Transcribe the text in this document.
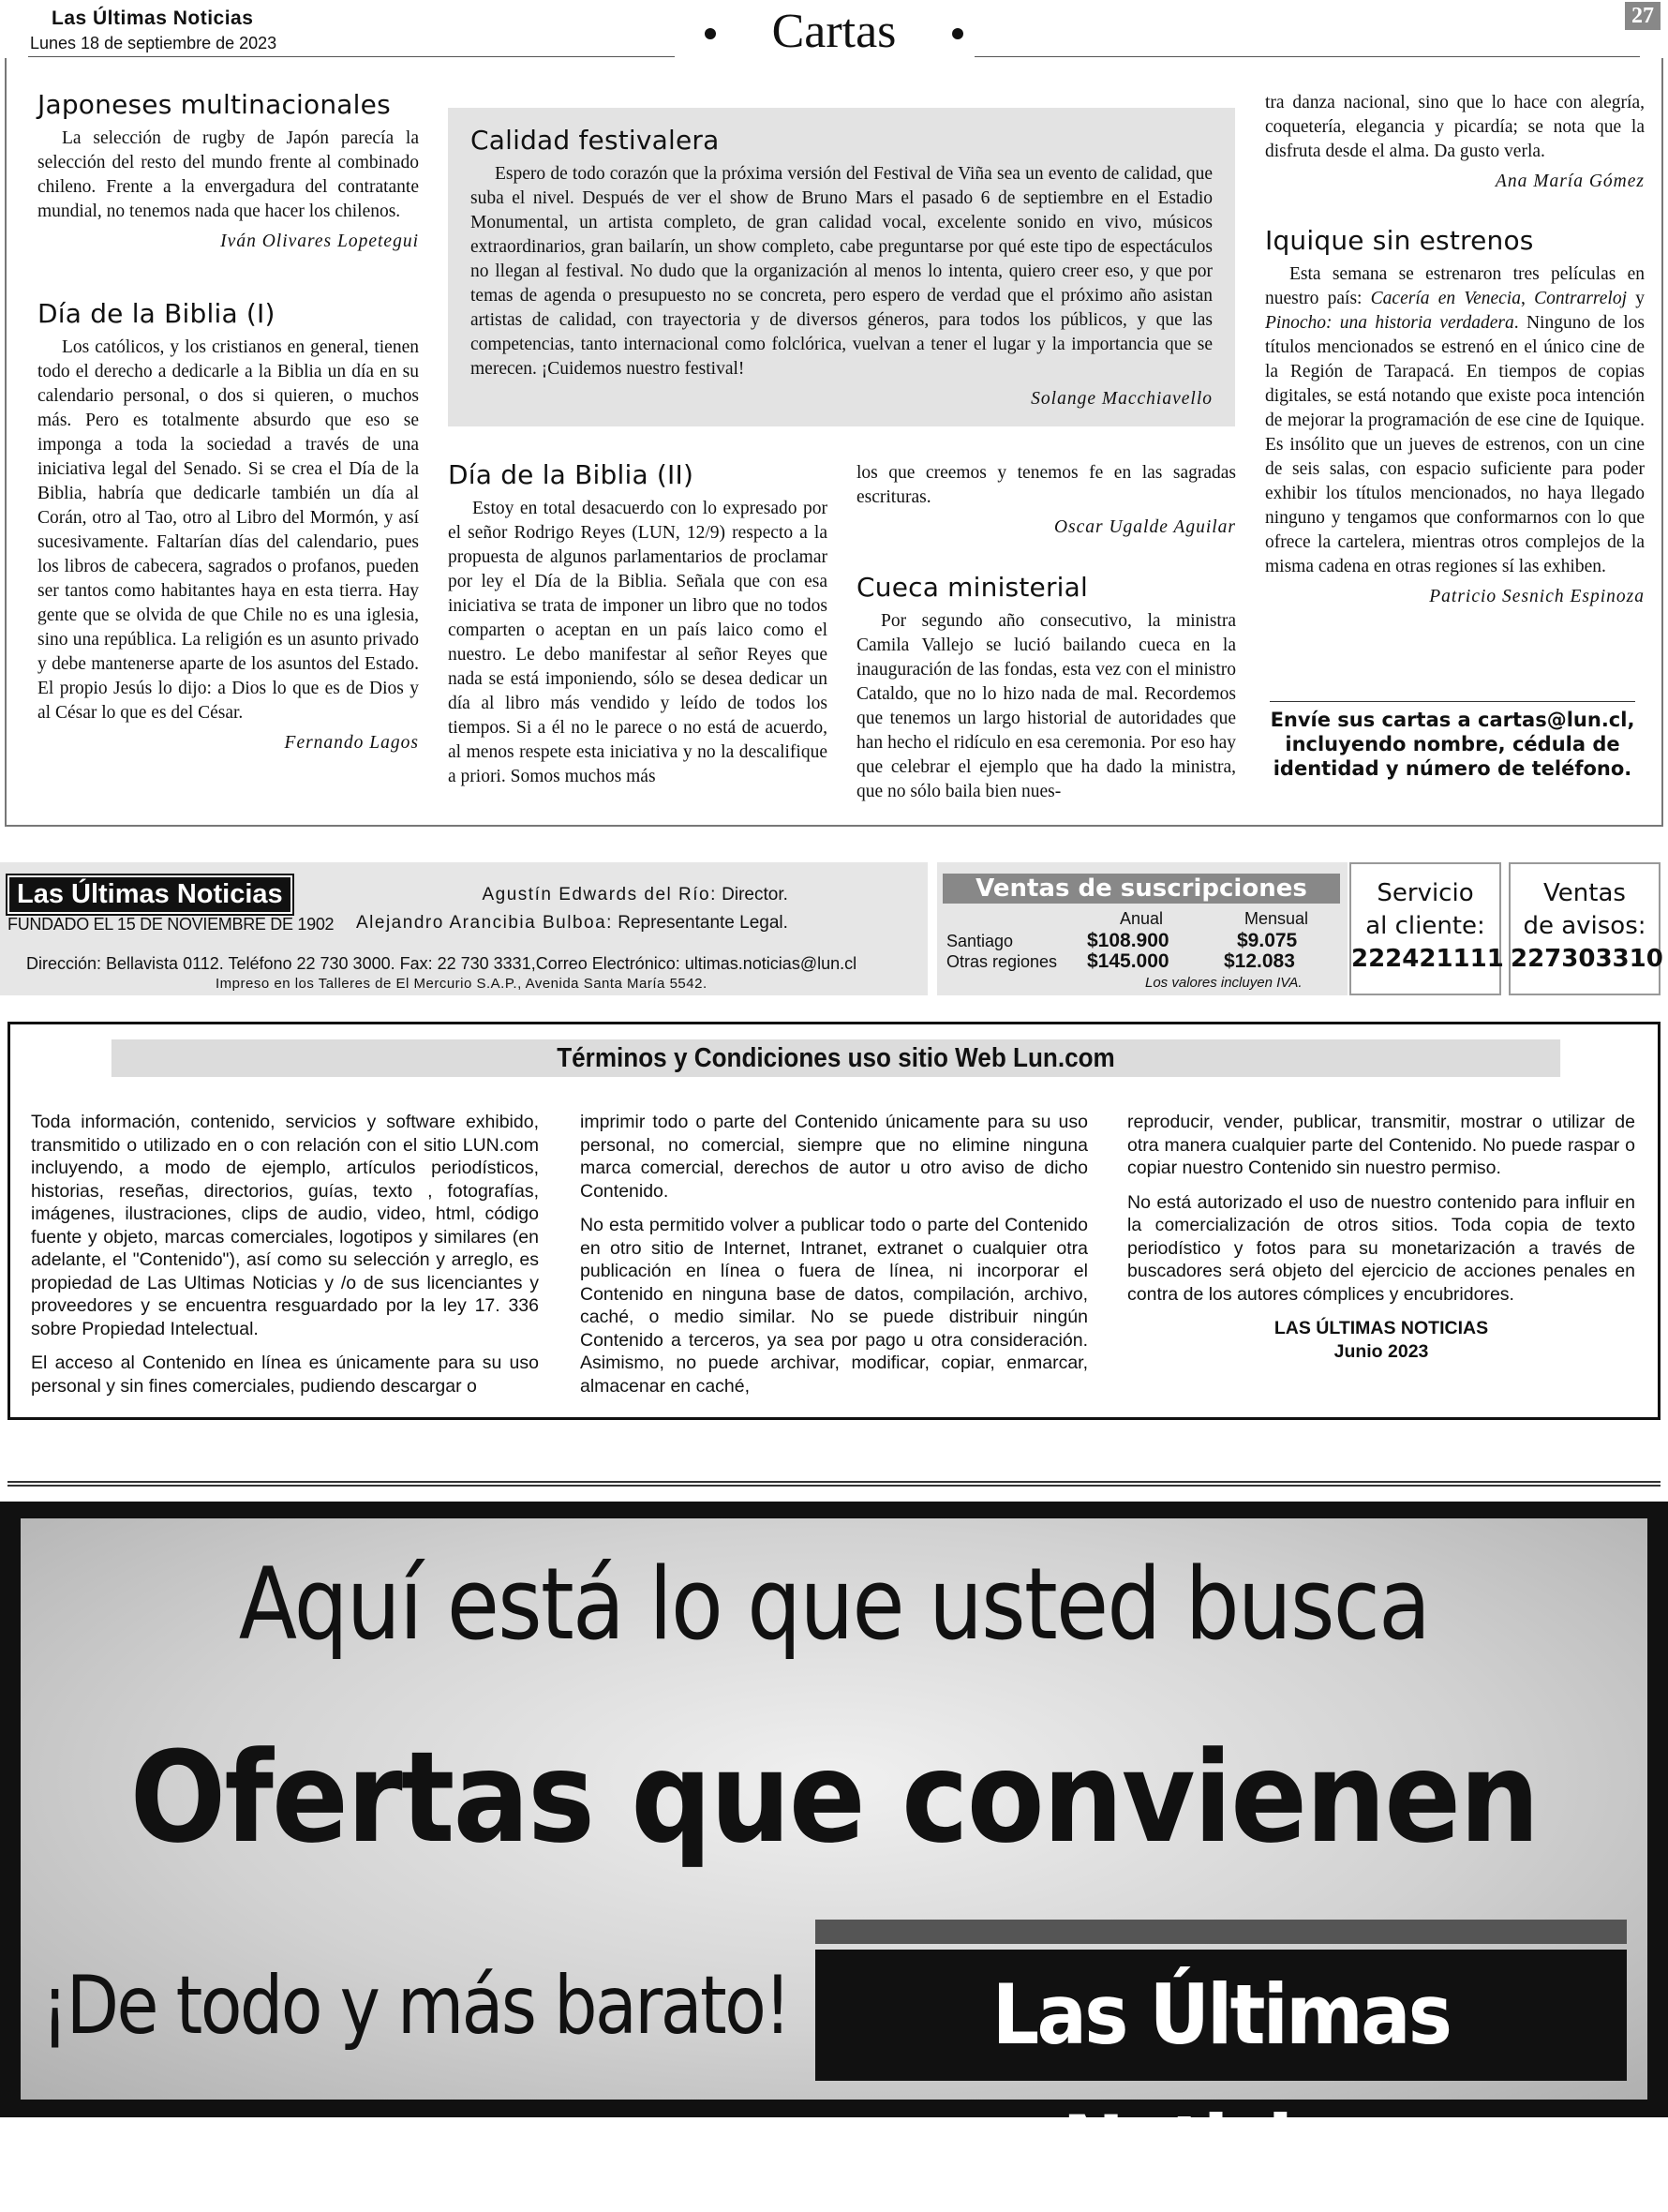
Las Últimas Noticias
Lunes 18 de septiembre de 2023	Cartas	27
Japoneses multinacionales

La selección de rugby de Japón parecía la selección del resto del mundo frente al combinado chileno. Frente a la envergadura del contratante mundial, no tenemos nada que hacer los chilenos.

Iván Olivares Lopetegui

Día de la Biblia (I)

Los católicos, y los cristianos en general, tienen todo el derecho a dedicarle a la Biblia un día en su calendario personal, o dos si quieren, o muchos más. Pero es totalmente absurdo que eso se imponga a toda la sociedad a través de una iniciativa legal del Senado. Si se crea el Día de la Biblia, habría que dedicarle también un día al Corán, otro al Tao, otro al Libro del Mormón, y así sucesivamente. Faltarían días del calendario, pues los libros de cabecera, sagrados o profanos, pueden ser tantos como habitantes haya en esta tierra. Hay gente que se olvida de que Chile no es una iglesia, sino una república. La religión es un asunto privado y debe mantenerse aparte de los asuntos del Estado. El propio Jesús lo dijo: a Dios lo que es de Dios y al César lo que es del César.

Fernando Lagos

Calidad festivalera

Espero de todo corazón que la próxima versión del Festival de Viña sea un evento de calidad, que suba el nivel. Después de ver el show de Bruno Mars el pasado 6 de septiembre en el Estadio Monumental, un artista completo, de gran calidad vocal, excelente sonido en vivo, músicos extraordinarios, gran bailarín, un show completo, cabe preguntarse por qué este tipo de espectáculos no llegan al festival. No dudo que la organización al menos lo intenta, quiero creer eso, y que por temas de agenda o presupuesto no se concreta, pero espero de verdad que el próximo año asistan artistas de calidad, con trayectoria y de diversos géneros, para todos los públicos, y que las competencias, tanto internacional como folclórica, vuelvan a tener el lugar y la importancia que se merecen. ¡Cuidemos nuestro festival!

Solange Macchiavello

Día de la Biblia (II)

Estoy en total desacuerdo con lo expresado por el señor Rodrigo Reyes (LUN, 12/9) respecto a la propuesta de algunos parlamentarios de proclamar por ley el Día de la Biblia. Señala que con esa iniciativa se trata de imponer un libro que no todos comparten o aceptan en un país laico como el nuestro. Le debo manifestar al señor Reyes que nada se está imponiendo, sólo se desea dedicar un día al libro más vendido y leído de todos los tiempos. Si a él no le parece o no está de acuerdo, al menos respete esta iniciativa y no la descalifique a priori. Somos muchos más

los que creemos y tenemos fe en las sagradas escrituras.

Oscar Ugalde Aguilar

Cueca ministerial

Por segundo año consecutivo, la ministra Camila Vallejo se lució bailando cueca en la inauguración de las fondas, esta vez con el ministro Cataldo, que no lo hizo nada de mal. Recordemos que tenemos un largo historial de autoridades que han hecho el ridículo en esa ceremonia. Por eso hay que celebrar el ejemplo que ha dado la ministra, que no sólo baila bien nues-

tra danza nacional, sino que lo hace con alegría, coquetería, elegancia y picardía; se nota que la disfruta desde el alma. Da gusto verla.

Ana María Gómez

Iquique sin estrenos

Esta semana se estrenaron tres películas en nuestro país: Cacería en Venecia, Contrarreloj y Pinocho: una historia verdadera. Ninguno de los títulos mencionados se estrenó en el único cine de la Región de Tarapacá. En tiempos de copias digitales, se está notando que existe poca intención de mejorar la programación de ese cine de Iquique. Es insólito que un jueves de estrenos, con un cine de seis salas, con espacio suficiente para poder exhibir los títulos mencionados, no haya llegado ninguno y tengamos que conformarnos con lo que ofrece la cartelera, mientras otros complejos de la misma cadena en otras regiones sí las exhiben.

Patricio Sesnich Espinoza

Envíe sus cartas a cartas@lun.cl, incluyendo nombre, cédula de identidad y número de teléfono.
Las Últimas Noticias
FUNDADO EL 15 DE NOVIEMBRE DE 1902
Agustín Edwards del Río: Director.
Alejandro Arancibia Bulboa: Representante Legal.
Dirección: Bellavista 0112. Teléfono 22 730 3000. Fax: 22 730 3331,Correo Electrónico: ultimas.noticias@lun.cl
Impreso en los Talleres de El Mercurio S.A.P., Avenida Santa María 5542.
Ventas de suscripciones
Anual	Mensual
Santiago	$108.900	$9.075
Otras regiones $145.000	$12.083
Los valores incluyen IVA.
Servicio
al cliente:
222421111
Ventas
de avisos:
227303310
Términos y Condiciones uso sitio Web Lun.com

Toda información, contenido, servicios y software exhibido, transmitido o utilizado en o con relación con el sitio LUN.com incluyendo, a modo de ejemplo, artículos periodísticos, historias, reseñas, directorios, guías, texto , fotografías, imágenes, ilustraciones, clips de audio, video, html, código fuente y objeto, marcas comerciales, logotipos y similares (en adelante, el "Contenido"), así como su selección y arreglo, es propiedad de Las Ultimas Noticias y /o de sus licenciantes y proveedores y se encuentra resguardado por la ley 17. 336 sobre Propiedad Intelectual.

El acceso al Contenido en línea es únicamente para su uso personal y sin fines comerciales, pudiendo descargar o

imprimir todo o parte del Contenido únicamente para su uso personal, no comercial, siempre que no elimine ninguna marca comercial, derechos de autor u otro aviso de dicho Contenido.

No esta permitido volver a publicar todo o parte del Contenido en otro sitio de Internet, Intranet, extranet o cualquier otra publicación en línea o fuera de línea, ni incorporar el Contenido en ninguna base de datos, compilación, archivo, caché, o medio similar. No se puede distribuir ningún Contenido a terceros, ya sea por pago u otra consideración. Asimismo, no puede archivar, modificar, copiar, enmarcar, almacenar en caché,

reproducir, vender, publicar, transmitir, mostrar o utilizar de otra manera cualquier parte del Contenido. No puede raspar o copiar nuestro Contenido sin nuestro permiso.

No está autorizado el uso de nuestro contenido para influir en la comercialización de otros sitios. Toda copia de texto periodístico y fotos para su monetarización a través de buscadores será objeto del ejercicio de acciones penales en contra de los autores cómplices y encubridores.

LAS ÚLTIMAS NOTICIAS
Junio 2023
Aquí está lo que usted busca
Ofertas que convienen
¡De todo y más barato!	Las Últimas Noticias
